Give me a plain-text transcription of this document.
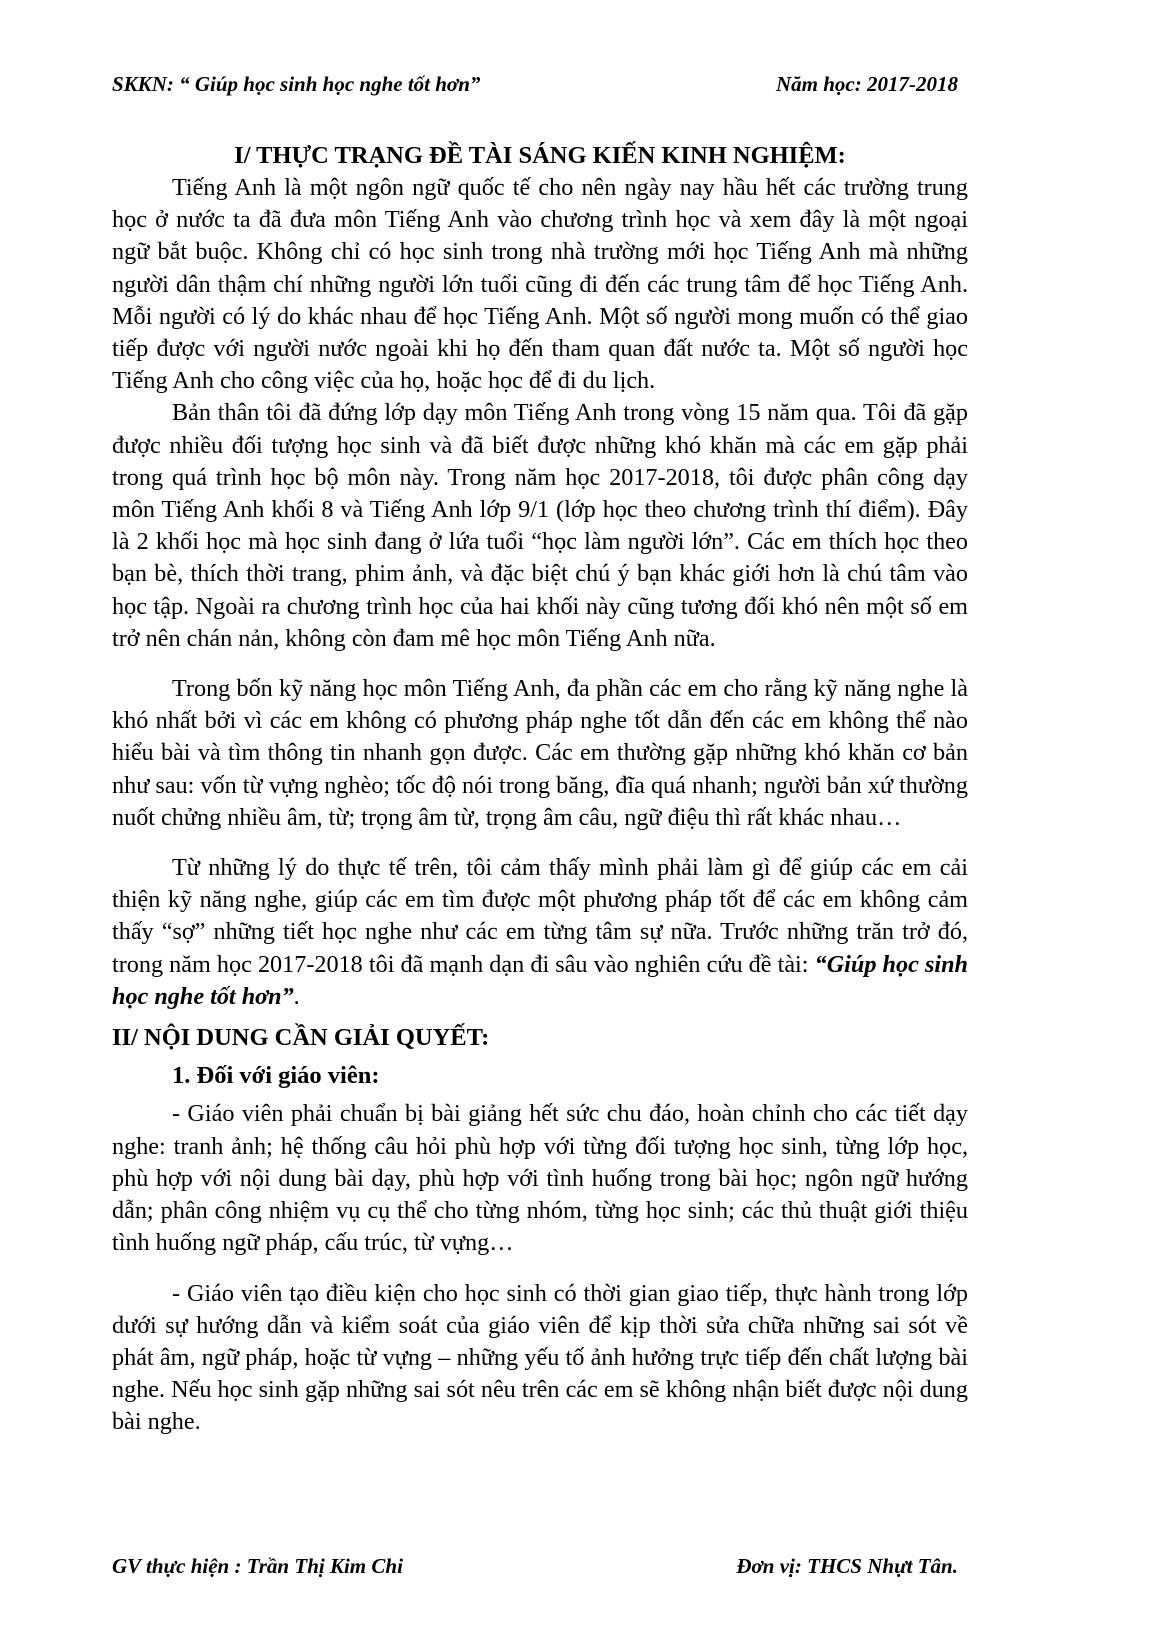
SKKN: “ Giúp học sinh học nghe tốt hơn”	Năm học: 2017-2018
I/ THỰC TRẠNG ĐỀ TÀI SÁNG KIẾN KINH NGHIỆM:

Tiếng Anh là một ngôn ngữ quốc tế cho nên ngày nay hầu hết các trường trung học ở nước ta đã đưa môn Tiếng Anh vào chương trình học và xem đây là một ngoại ngữ bắt buộc. Không chỉ có học sinh trong nhà trường mới học Tiếng Anh mà những người dân thậm chí những người lớn tuổi cũng đi đến các trung tâm để học Tiếng Anh. Mỗi người có lý do khác nhau để học Tiếng Anh. Một số người mong muốn có thể giao tiếp được với người nước ngoài khi họ đến tham quan đất nước ta. Một số người học Tiếng Anh cho công việc của họ, hoặc học để đi du lịch.

Bản thân tôi đã đứng lớp dạy môn Tiếng Anh trong vòng 15 năm qua. Tôi đã gặp được nhiều đối tượng học sinh và đã biết được những khó khăn mà các em gặp phải trong quá trình học bộ môn này. Trong năm học 2017-2018, tôi được phân công dạy môn Tiếng Anh khối 8 và Tiếng Anh lớp 9/1 (lớp học theo chương trình thí điểm). Đây là 2 khối học mà học sinh đang ở lứa tuổi “học làm người lớn”. Các em thích học theo bạn bè, thích thời trang, phim ảnh, và đặc biệt chú ý bạn khác giới hơn là chú tâm vào học tập. Ngoài ra chương trình học của hai khối này cũng tương đối khó nên một số em trở nên chán nản, không còn đam mê học môn Tiếng Anh nữa.

Trong bốn kỹ năng học môn Tiếng Anh, đa phần các em cho rằng kỹ năng nghe là khó nhất bởi vì các em không có phương pháp nghe tốt dẫn đến các em không thể nào hiểu bài và tìm thông tin nhanh gọn được. Các em thường gặp những khó khăn cơ bản như sau: vốn từ vựng nghèo; tốc độ nói trong băng, đĩa quá nhanh; người bản xứ thường nuốt chửng nhiều âm, từ; trọng âm từ, trọng âm câu, ngữ điệu thì rất khác nhau…

Từ những lý do thực tế trên, tôi cảm thấy mình phải làm gì để giúp các em cải thiện kỹ năng nghe, giúp các em tìm được một phương pháp tốt để các em không cảm thấy “sợ” những tiết học nghe như các em từng tâm sự nữa. Trước những trăn trở đó, trong năm học 2017-2018 tôi đã mạnh dạn đi sâu vào nghiên cứu đề tài: “Giúp học sinh học nghe tốt hơn”.

II/ NỘI DUNG CẦN GIẢI QUYẾT:
1. Đối với giáo viên:

- Giáo viên phải chuẩn bị bài giảng hết sức chu đáo, hoàn chỉnh cho các tiết dạy nghe: tranh ảnh; hệ thống câu hỏi phù hợp với từng đối tượng học sinh, từng lớp học, phù hợp với nội dung bài dạy, phù hợp với tình huống trong bài học; ngôn ngữ hướng dẫn; phân công nhiệm vụ cụ thể cho từng nhóm, từng học sinh; các thủ thuật giới thiệu tình huống ngữ pháp, cấu trúc, từ vựng…

- Giáo viên tạo điều kiện cho học sinh có thời gian giao tiếp, thực hành trong lớp dưới sự hướng dẫn và kiểm soát của giáo viên để kịp thời sửa chữa những sai sót về phát âm, ngữ pháp, hoặc từ vựng – những yếu tố ảnh hưởng trực tiếp đến chất lượng bài nghe. Nếu học sinh gặp những sai sót nêu trên các em sẽ không nhận biết được nội dung bài nghe.

GV thực hiện : Trần Thị Kim Chi	Đơn vị: THCS Nhựt Tân.
